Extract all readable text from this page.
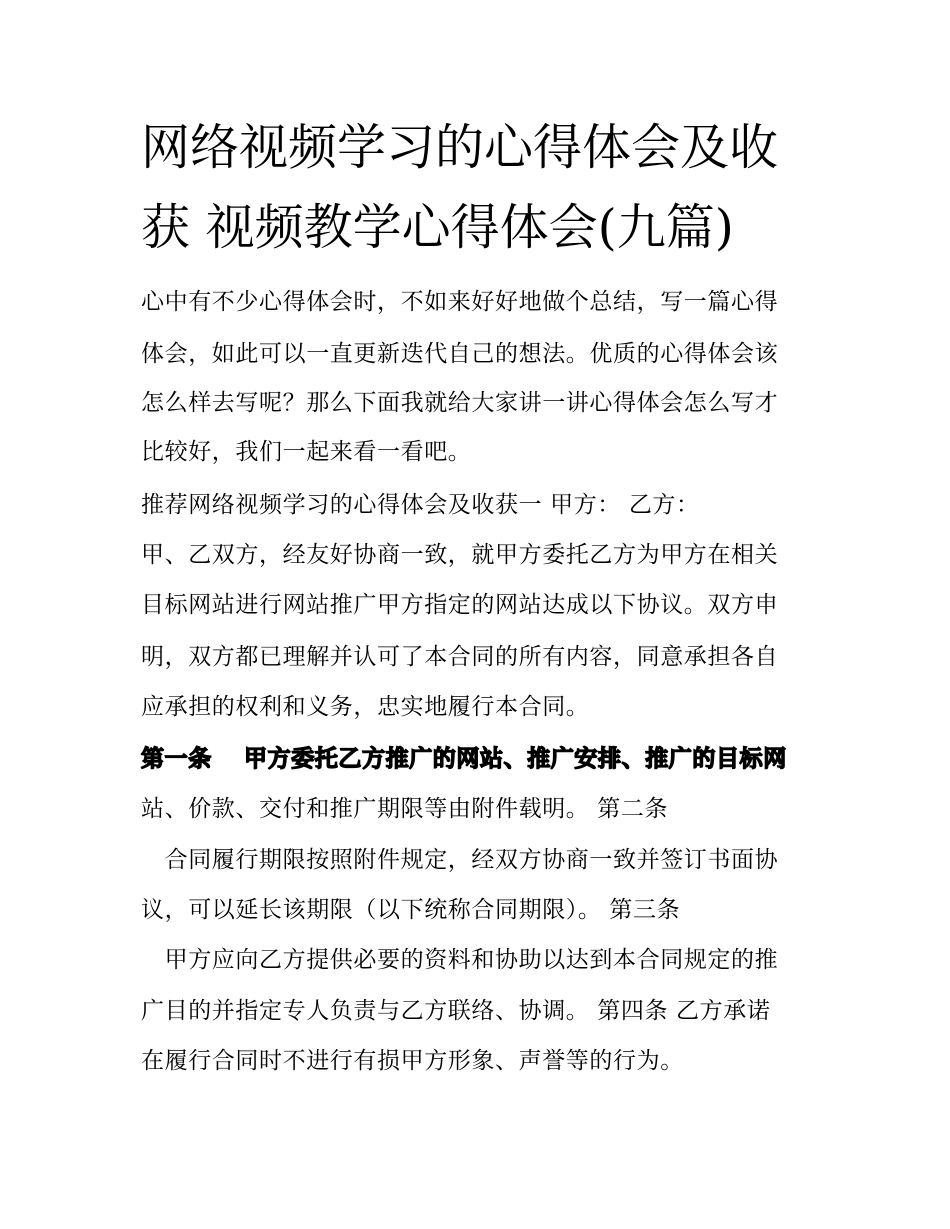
网络视频学习的心得体会及收
获 视频教学心得体会(九篇)
心中有不少心得体会时，不如来好好地做个总结，写一篇心得
体会，如此可以一直更新迭代自己的想法。优质的心得体会该
怎么样去写呢？那么下面我就给大家讲一讲心得体会怎么写才
比较好，我们一起来看一看吧。
推荐网络视频学习的心得体会及收获一 甲方： 乙方：
甲、乙双方，经友好协商一致，就甲方委托乙方为甲方在相关
目标网站进行网站推广甲方指定的网站达成以下协议。双方申
明，双方都已理解并认可了本合同的所有内容，同意承担各自
应承担的权利和义务，忠实地履行本合同。
第一条　 甲方委托乙方推广的网站、推广安排、推广的目标网
站、价款、交付和推广期限等由附件载明。 第二条
　合同履行期限按照附件规定，经双方协商一致并签订书面协
议，可以延长该期限（以下统称合同期限）。 第三条
　甲方应向乙方提供必要的资料和协助以达到本合同规定的推
广目的并指定专人负责与乙方联络、协调。 第四条 乙方承诺
在履行合同时不进行有损甲方形象、声誉等的行为。
